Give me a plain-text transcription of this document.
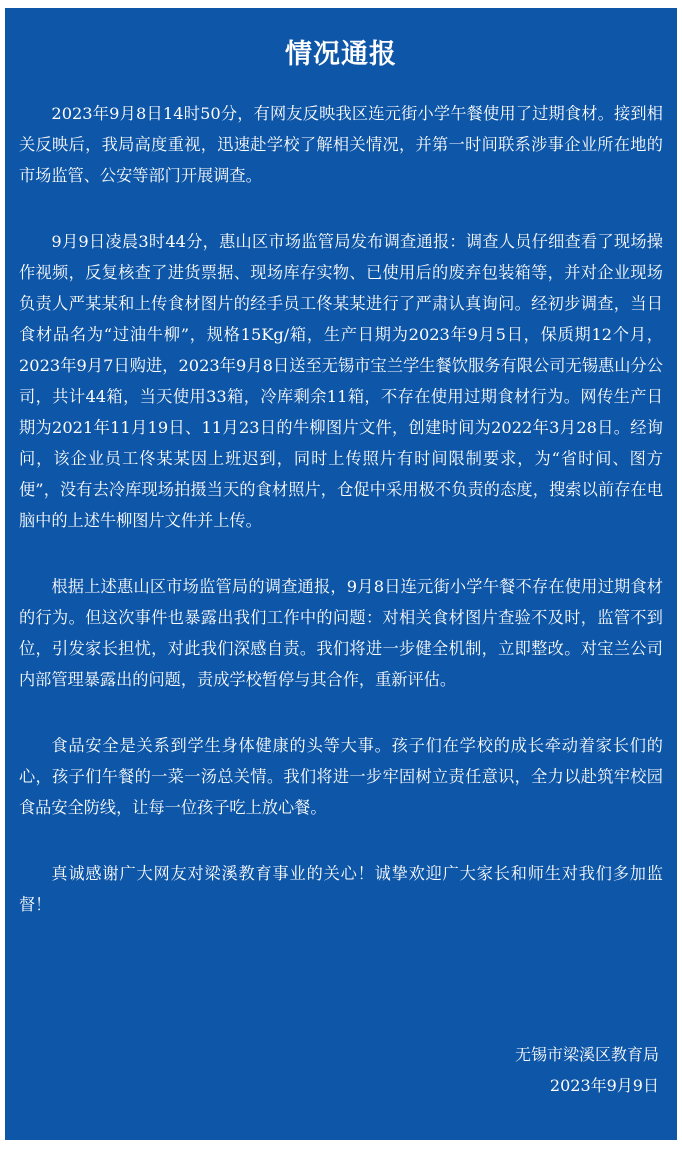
情况通报

2023年9月8日14时50分，有网友反映我区连元街小学午餐使用了过期食材。接到相关反映后，我局高度重视，迅速赴学校了解相关情况，并第一时间联系涉事企业所在地的市场监管、公安等部门开展调查。

9月9日凌晨3时44分，惠山区市场监管局发布调查通报：调查人员仔细查看了现场操作视频，反复核查了进货票据、现场库存实物、已使用后的废弃包装箱等，并对企业现场负责人严某某和上传食材图片的经手员工佟某某进行了严肃认真询问。经初步调查，当日食材品名为“过油牛柳”，规格15Kg/箱，生产日期为2023年9月5日，保质期12个月，2023年9月7日购进，2023年9月8日送至无锡市宝兰学生餐饮服务有限公司无锡惠山分公司，共计44箱，当天使用33箱，冷库剩余11箱，不存在使用过期食材行为。网传生产日期为2021年11月19日、11月23日的牛柳图片文件，创建时间为2022年3月28日。经询问，该企业员工佟某某因上班迟到，同时上传照片有时间限制要求，为“省时间、图方便”，没有去冷库现场拍摄当天的食材照片，仓促中采用极不负责的态度，搜索以前存在电脑中的上述牛柳图片文件并上传。

根据上述惠山区市场监管局的调查通报，9月8日连元街小学午餐不存在使用过期食材的行为。但这次事件也暴露出我们工作中的问题：对相关食材图片查验不及时，监管不到位，引发家长担忧，对此我们深感自责。我们将进一步健全机制，立即整改。对宝兰公司内部管理暴露出的问题，责成学校暂停与其合作，重新评估。

食品安全是关系到学生身体健康的头等大事。孩子们在学校的成长牵动着家长们的心，孩子们午餐的一菜一汤总关情。我们将进一步牢固树立责任意识，全力以赴筑牢校园食品安全防线，让每一位孩子吃上放心餐。

真诚感谢广大网友对梁溪教育事业的关心！诚挚欢迎广大家长和师生对我们多加监督！

无锡市梁溪区教育局
2023年9月9日
